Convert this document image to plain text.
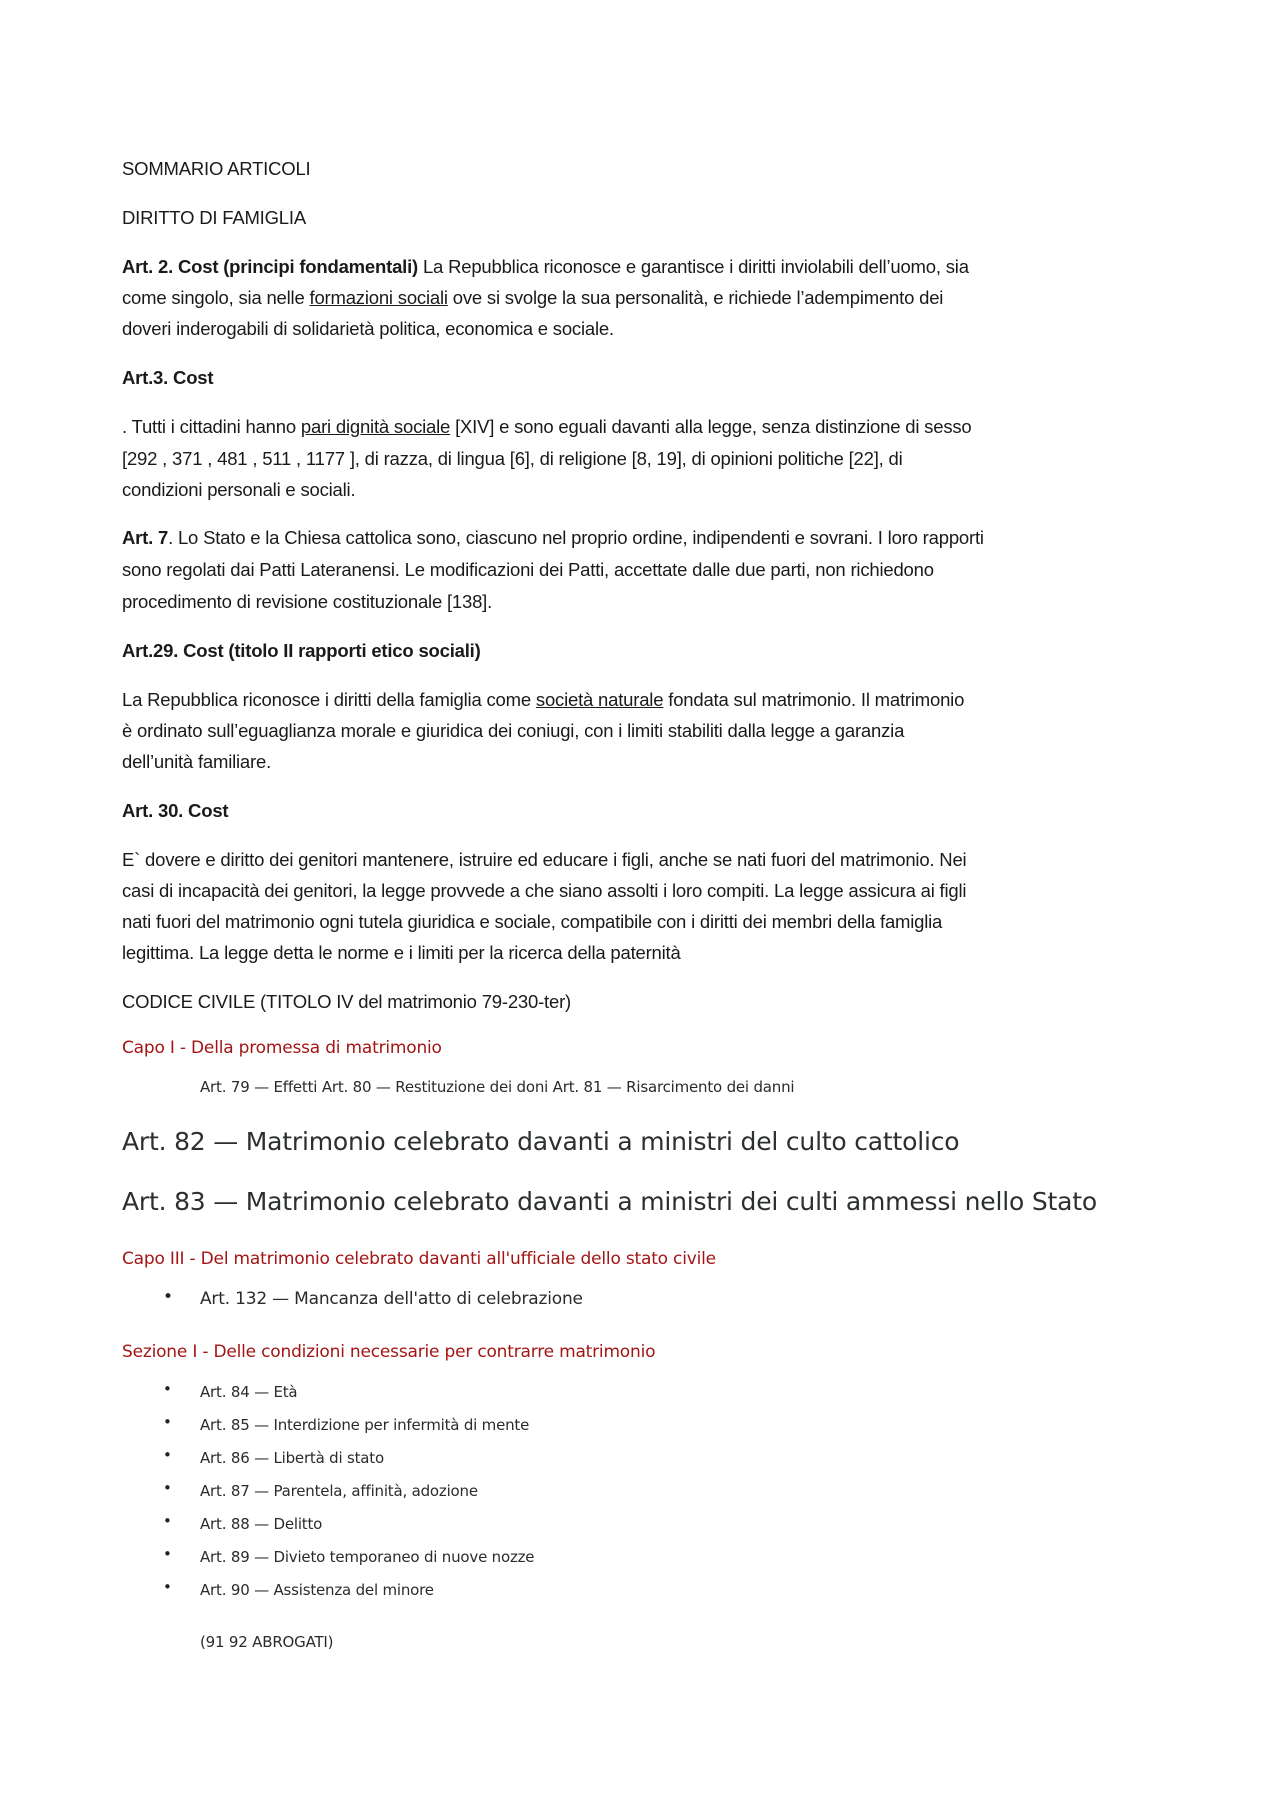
SOMMARIO ARTICOLI
DIRITTO DI FAMIGLIA
Art. 2. Cost (principi fondamentali) La Repubblica riconosce e garantisce i diritti inviolabili dell’uomo, sia
come singolo, sia nelle formazioni sociali ove si svolge la sua personalità, e richiede l’adempimento dei
doveri inderogabili di solidarietà politica, economica e sociale.
Art.3. Cost
. Tutti i cittadini hanno pari dignità sociale [XIV] e sono eguali davanti alla legge, senza distinzione di sesso
[292 , 371 , 481 , 511 , 1177 ], di razza, di lingua [6], di religione [8, 19], di opinioni politiche [22], di
condizioni personali e sociali.
Art. 7. Lo Stato e la Chiesa cattolica sono, ciascuno nel proprio ordine, indipendenti e sovrani. I loro rapporti
sono regolati dai Patti Lateranensi. Le modificazioni dei Patti, accettate dalle due parti, non richiedono
procedimento di revisione costituzionale [138].
Art.29. Cost (titolo II rapporti etico sociali)
La Repubblica riconosce i diritti della famiglia come società naturale fondata sul matrimonio. Il matrimonio
è ordinato sull’eguaglianza morale e giuridica dei coniugi, con i limiti stabiliti dalla legge a garanzia
dell’unità familiare.
Art. 30. Cost
E` dovere e diritto dei genitori mantenere, istruire ed educare i figli, anche se nati fuori del matrimonio. Nei
casi di incapacità dei genitori, la legge provvede a che siano assolti i loro compiti. La legge assicura ai figli
nati fuori del matrimonio ogni tutela giuridica e sociale, compatibile con i diritti dei membri della famiglia
legittima. La legge detta le norme e i limiti per la ricerca della paternità
CODICE CIVILE (TITOLO IV del matrimonio 79-230-ter)
Capo I - Della promessa di matrimonio
Art. 79 — Effetti Art. 80 — Restituzione dei doni Art. 81 — Risarcimento dei danni
Art. 82 — Matrimonio celebrato davanti a ministri del culto cattolico
Art. 83 — Matrimonio celebrato davanti a ministri dei culti ammessi nello Stato
Capo III - Del matrimonio celebrato davanti all'ufficiale dello stato civile
• Art. 132 — Mancanza dell'atto di celebrazione
Sezione I - Delle condizioni necessarie per contrarre matrimonio
• Art. 84 — Età
• Art. 85 — Interdizione per infermità di mente
• Art. 86 — Libertà di stato
• Art. 87 — Parentela, affinità, adozione
• Art. 88 — Delitto
• Art. 89 — Divieto temporaneo di nuove nozze
• Art. 90 — Assistenza del minore
(91 92 ABROGATI)
